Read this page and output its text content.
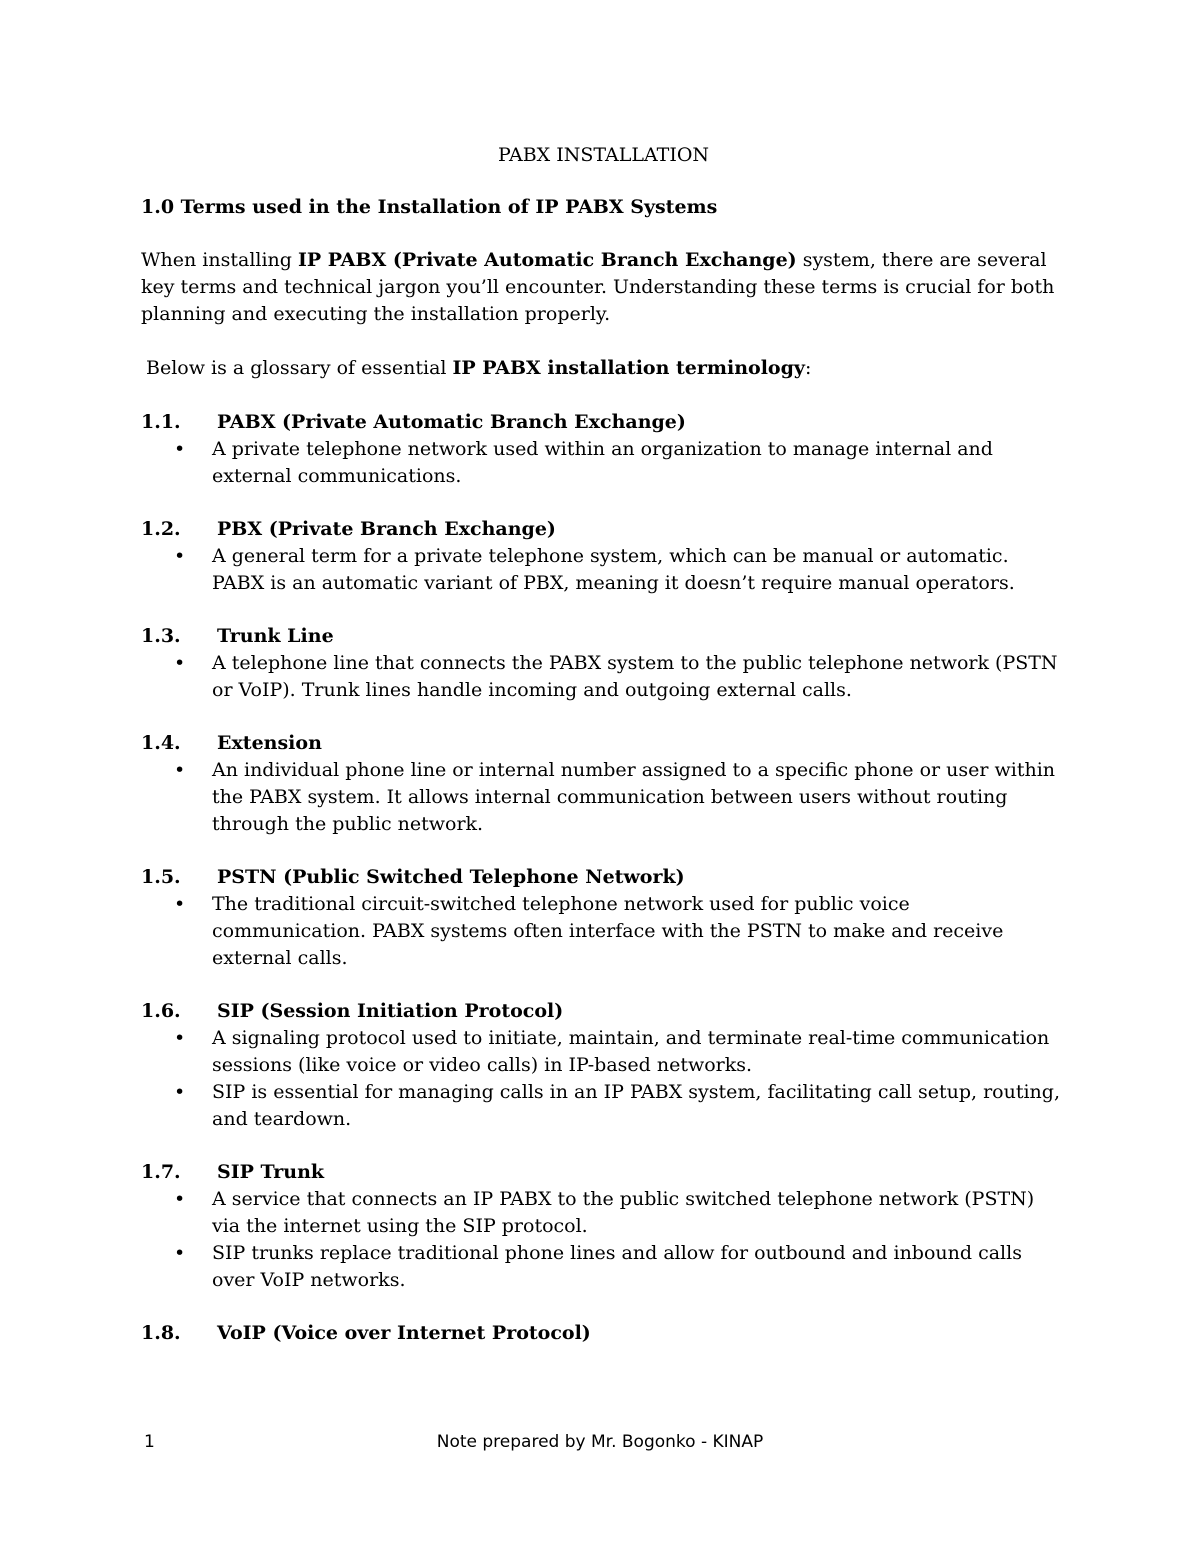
PABX INSTALLATION

1.0 Terms used in the Installation of IP PABX Systems

When installing IP PABX (Private Automatic Branch Exchange) system, there are several key terms and technical jargon you’ll encounter. Understanding these terms is crucial for both planning and executing the installation properly.

Below is a glossary of essential IP PABX installation terminology:

1.1.	PABX (Private Automatic Branch Exchange)
• A private telephone network used within an organization to manage internal and external communications.
1.2.	PBX (Private Branch Exchange)
• A general term for a private telephone system, which can be manual or automatic. PABX is an automatic variant of PBX, meaning it doesn’t require manual operators.
1.3.	Trunk Line
• A telephone line that connects the PABX system to the public telephone network (PSTN or VoIP). Trunk lines handle incoming and outgoing external calls.
1.4.	Extension
• An individual phone line or internal number assigned to a specific phone or user within the PABX system. It allows internal communication between users without routing through the public network.
1.5.	PSTN (Public Switched Telephone Network)
• The traditional circuit-switched telephone network used for public voice communication. PABX systems often interface with the PSTN to make and receive external calls.
1.6.	SIP (Session Initiation Protocol)
• A signaling protocol used to initiate, maintain, and terminate real-time communication sessions (like voice or video calls) in IP-based networks.
• SIP is essential for managing calls in an IP PABX system, facilitating call setup, routing, and teardown.
1.7.	SIP Trunk
• A service that connects an IP PABX to the public switched telephone network (PSTN) via the internet using the SIP protocol.
• SIP trunks replace traditional phone lines and allow for outbound and inbound calls over VoIP networks.
1.8.	VoIP (Voice over Internet Protocol)
1	Note prepared by Mr. Bogonko - KINAP
